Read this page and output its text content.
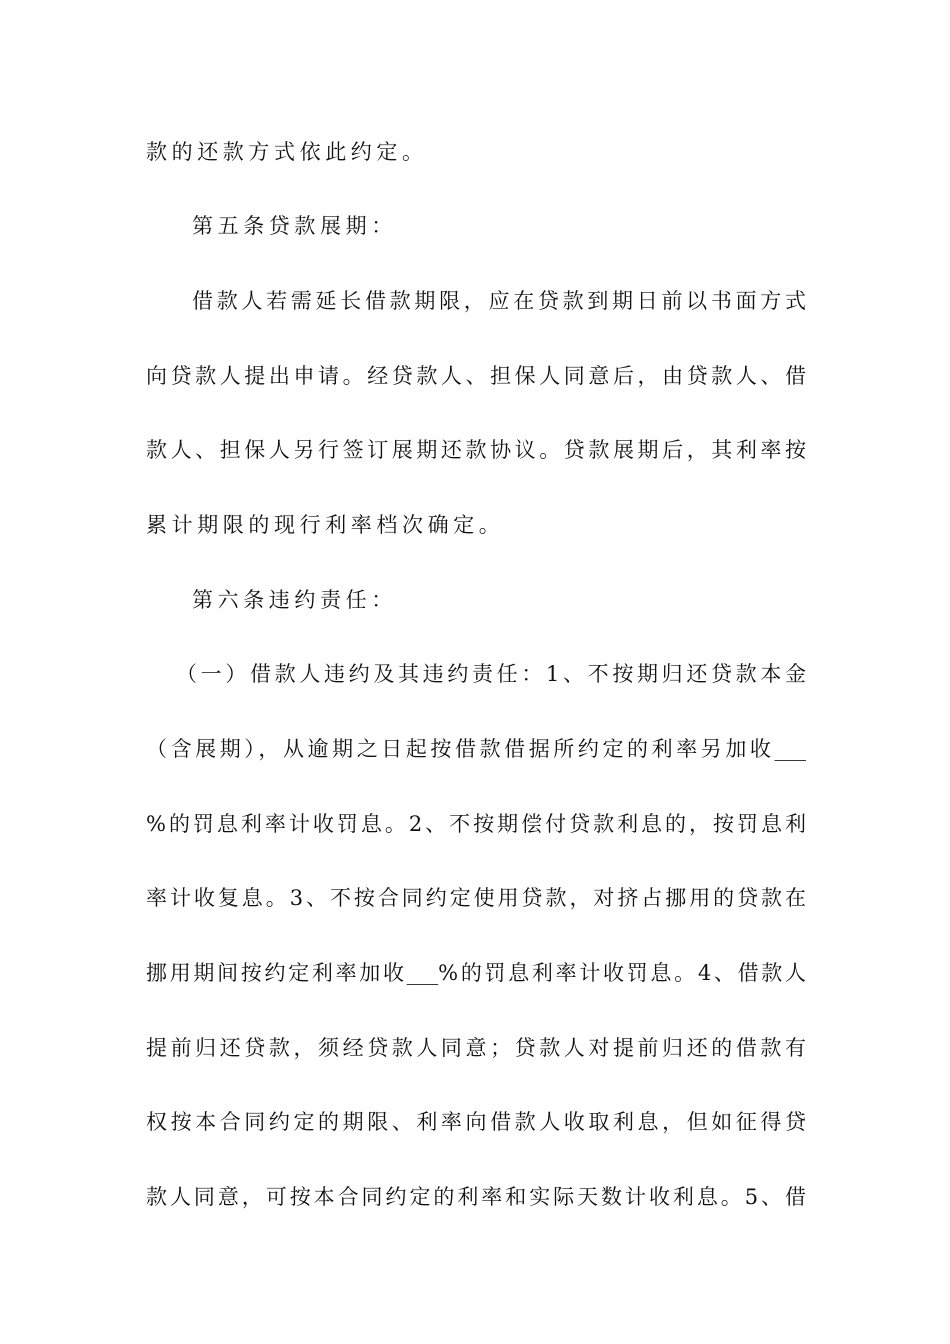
款的还款方式依此约定。
第五条贷款展期：
借款人若需延长借款期限，应在贷款到期日前以书面方式
向贷款人提出申请。经贷款人、担保人同意后，由贷款人、借
款人、担保人另行签订展期还款协议。贷款展期后，其利率按
累计期限的现行利率档次确定。
第六条违约责任：
（一）借款人违约及其违约责任：1、不按期归还贷款本金
（含展期），从逾期之日起按借款借据所约定的利率另加收___
%的罚息利率计收罚息。2、不按期偿付贷款利息的，按罚息利
率计收复息。3、不按合同约定使用贷款，对挤占挪用的贷款在
挪用期间按约定利率加收___%的罚息利率计收罚息。4、借款人
提前归还贷款，须经贷款人同意；贷款人对提前归还的借款有
权按本合同约定的期限、利率向借款人收取利息，但如征得贷
款人同意，可按本合同约定的利率和实际天数计收利息。5、借
